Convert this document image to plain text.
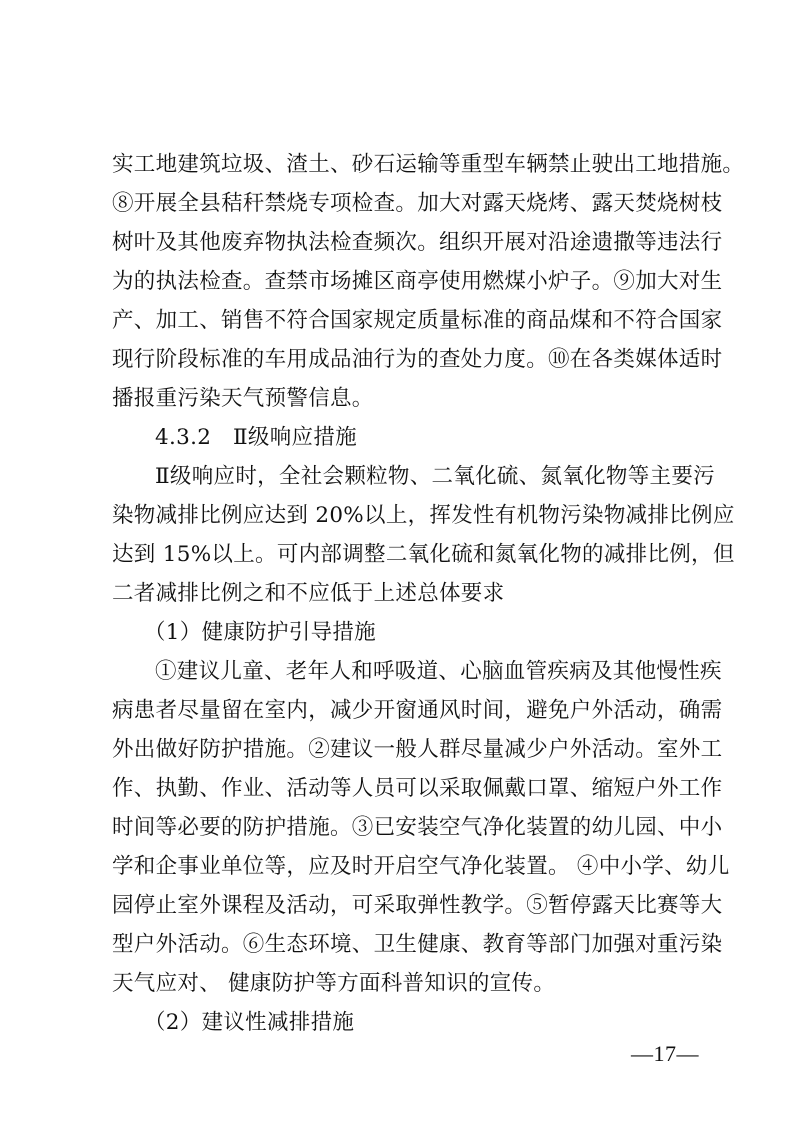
实工地建筑垃圾、渣土、砂石运输等重型车辆禁止驶出工地措施。
⑧开展全县秸秆禁烧专项检查。加大对露天烧烤、露天焚烧树枝
树叶及其他废弃物执法检查频次。组织开展对沿途遗撒等违法行
为的执法检查。查禁市场摊区商亭使用燃煤小炉子。⑨加大对生
产、加工、销售不符合国家规定质量标准的商品煤和不符合国家
现行阶段标准的车用成品油行为的查处力度。⑩在各类媒体适时
播报重污染天气预警信息。
4.3.2　Ⅱ级响应措施
Ⅱ级响应时，全社会颗粒物、二氧化硫、氮氧化物等主要污
染物减排比例应达到 20%以上，挥发性有机物污染物减排比例应
达到 15%以上。可内部调整二氧化硫和氮氧化物的减排比例，但
二者减排比例之和不应低于上述总体要求
（1）健康防护引导措施
①建议儿童、老年人和呼吸道、心脑血管疾病及其他慢性疾
病患者尽量留在室内，减少开窗通风时间，避免户外活动，确需
外出做好防护措施。②建议一般人群尽量减少户外活动。室外工
作、执勤、作业、活动等人员可以采取佩戴口罩、缩短户外工作
时间等必要的防护措施。③已安装空气净化装置的幼儿园、中小
学和企事业单位等，应及时开启空气净化装置。 ④中小学、幼儿
园停止室外课程及活动，可采取弹性教学。⑤暂停露天比赛等大
型户外活动。⑥生态环境、卫生健康、教育等部门加强对重污染
天气应对、 健康防护等方面科普知识的宣传。
（2）建议性减排措施
—17—
